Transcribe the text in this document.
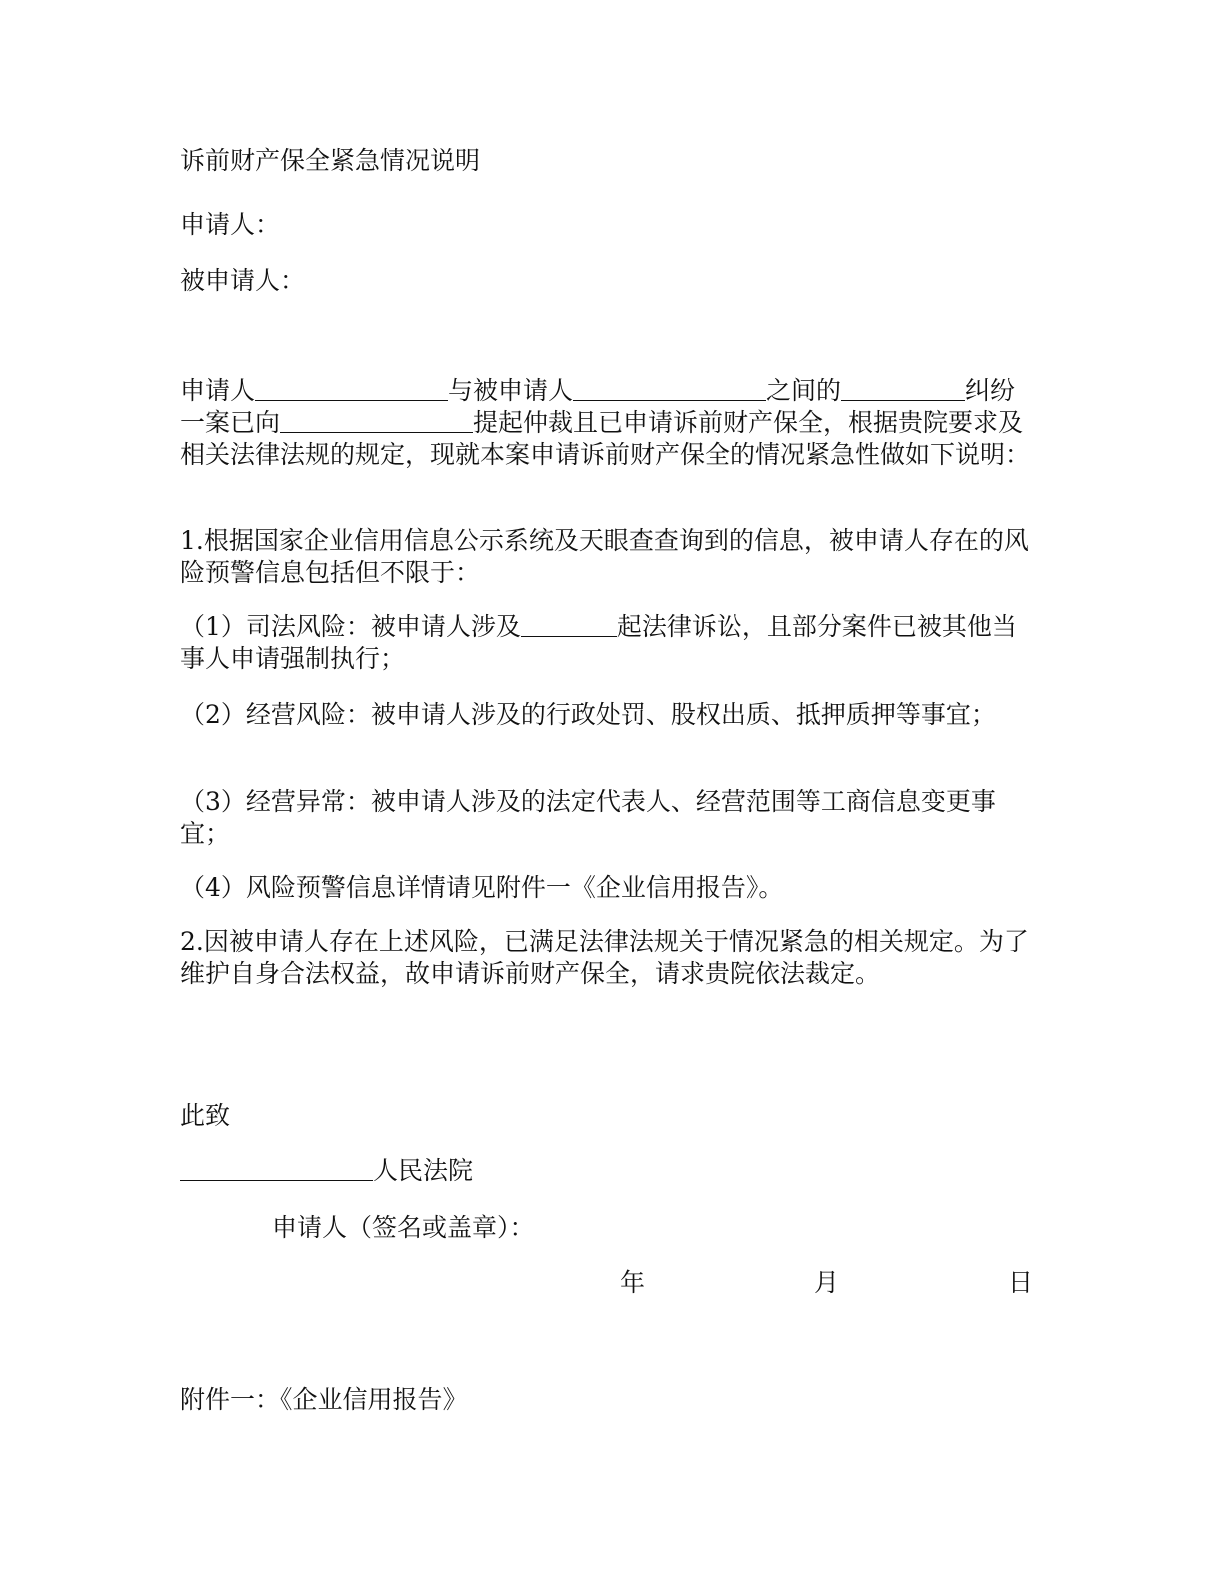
诉前财产保全紧急情况说明
申请人：
被申请人：
申请人	与被申请人	之间的	纠纷一案已向	提起仲裁且已申请诉前财产保全，根据贵院要求及相关法律法规的规定，现就本案申请诉前财产保全的情况紧急性做如下说明：
1.根据国家企业信用信息公示系统及天眼查查询到的信息，被申请人存在的风险预警信息包括但不限于：
（1）司法风险：被申请人涉及	起法律诉讼，且部分案件已被其他当事人申请强制执行；
（2）经营风险：被申请人涉及的行政处罚、股权出质、抵押质押等事宜；
（3）经营异常：被申请人涉及的法定代表人、经营范围等工商信息变更事宜；
（4）风险预警信息详情请见附件一《企业信用报告》。
2.因被申请人存在上述风险，已满足法律法规关于情况紧急的相关规定。为了维护自身合法权益，故申请诉前财产保全，请求贵院依法裁定。
此致
人民法院
申请人（签名或盖章）：
年	月	日
附件一：《企业信用报告》
